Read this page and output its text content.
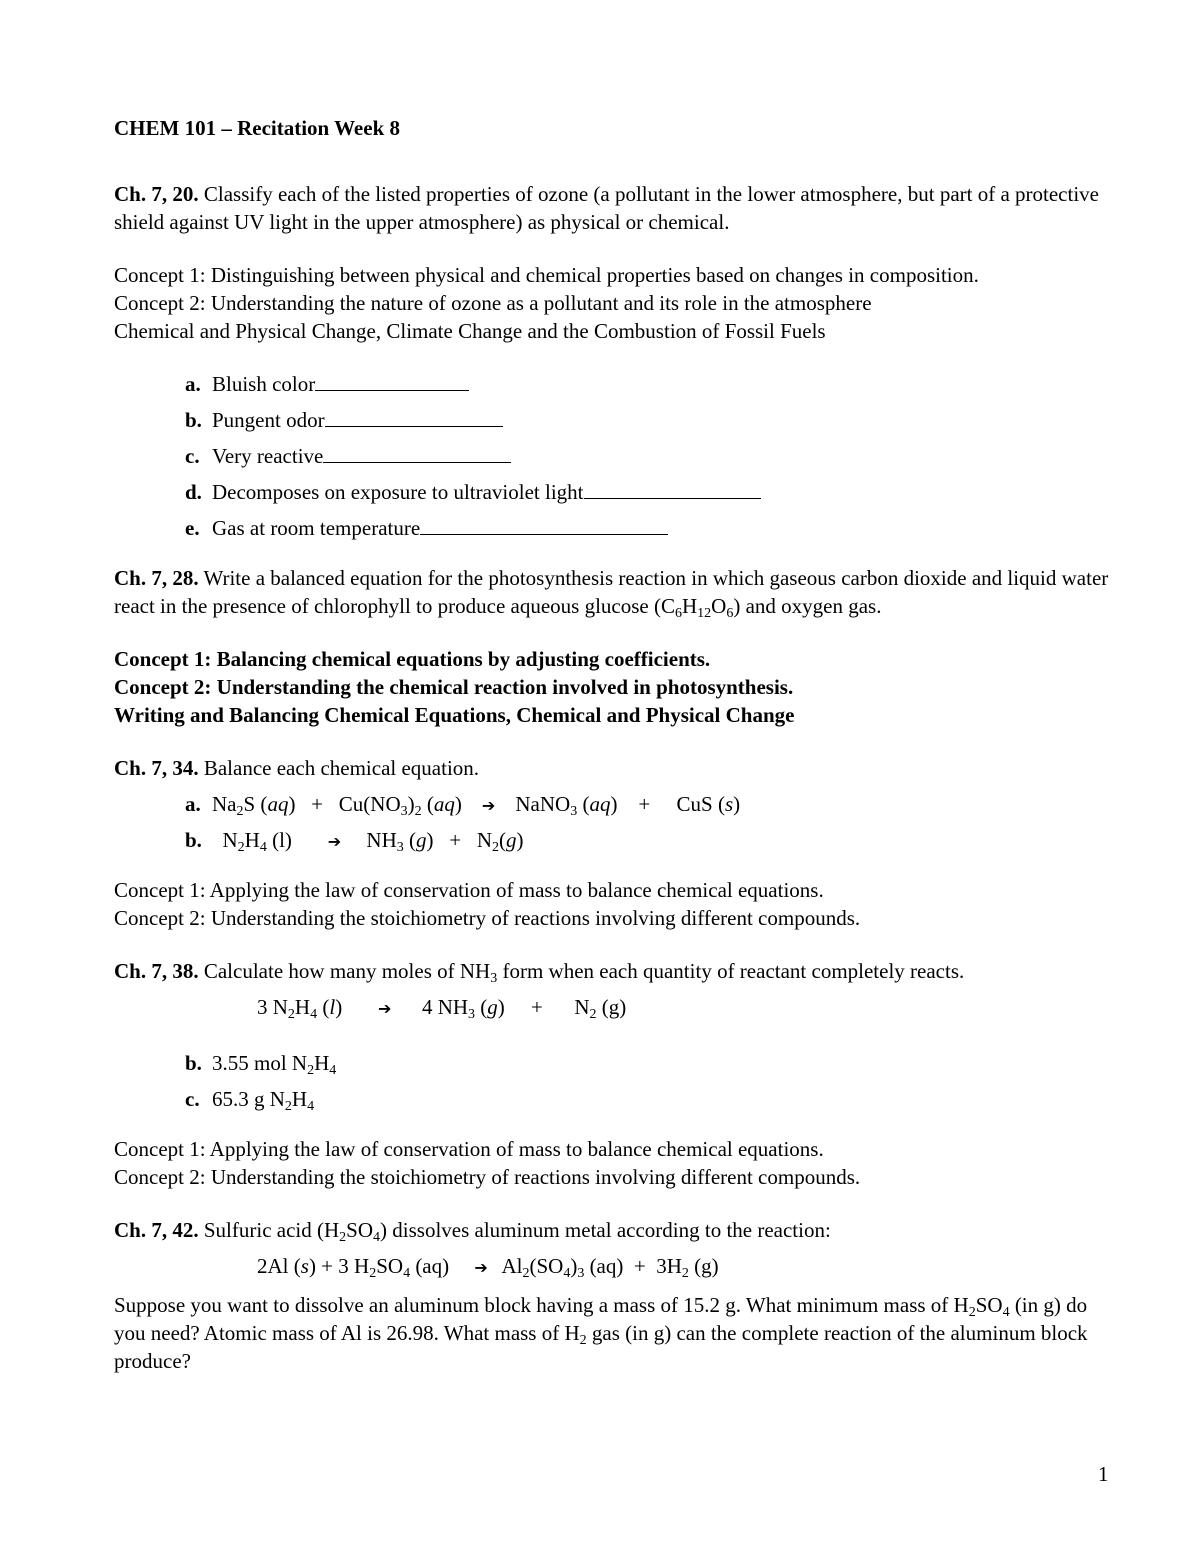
CHEM 101 – Recitation Week 8

Ch. 7, 20. Classify each of the listed properties of ozone (a pollutant in the lower atmosphere, but part of a protective shield against UV light in the upper atmosphere) as physical or chemical.

Concept 1: Distinguishing between physical and chemical properties based on changes in composition.

Concept 2: Understanding the nature of ozone as a pollutant and its role in the atmosphere

Chemical and Physical Change, Climate Change and the Combustion of Fossil Fuels

a. Bluish color
b. Pungent odor
c. Very reactive
d. Decomposes on exposure to ultraviolet light
e. Gas at room temperature

Ch. 7, 28. Write a balanced equation for the photosynthesis reaction in which gaseous carbon dioxide and liquid water react in the presence of chlorophyll to produce aqueous glucose $(C_6H_{12}O_6)$ and oxygen gas.

Concept 1: Balancing chemical equations by adjusting coefficients.

Concept 2: Understanding the chemical reaction involved in photosynthesis.

Writing and Balancing Chemical Equations, Chemical and Physical Change

Ch. 7, 34. Balance each chemical equation.

a. $Na_2S$ $(aq) + Cu(NO_3)_2$ (aq)   ➔   NaNO$_3$ (aq)    +     CuS (s)
b.  $N_2H_4$ (l)      ➔    $NH_3$ $(g) + N_2(g)$

Concept 1: Applying the law of conservation of mass to balance chemical equations.

Concept 2: Understanding the stoichiometry of reactions involving different compounds.

Ch. 7, 38. Calculate how many moles of $NH_3$ form when each quantity of reactant completely reacts.

3 $N_2H_4$ (l)      ➔     4 $NH_3$ (g)     +      $N_2$ (g)

b. 3.55 mol $N_2H_4$
c. 65.3 g $N_2H_4$

Concept 1: Applying the law of conservation of mass to balance chemical equations.

Concept 2: Understanding the stoichiometry of reactions involving different compounds.

Ch. 7, 42. Sulfuric acid $(H_2SO_4)$ dissolves aluminum metal according to the reaction:

2Al (s) + 3 $H_2SO_4$ (aq)    ➔  $Al_2(SO_4)_3$ $(aq) + 3H_2$ (g)

Suppose you want to dissolve an aluminum block having a mass of 15.2 g. What minimum mass of $H_2SO_4$ (in g) do you need? Atomic mass of Al is 26.98. What mass of $H_2$ gas (in g) can the complete reaction of the aluminum block produce?

1
